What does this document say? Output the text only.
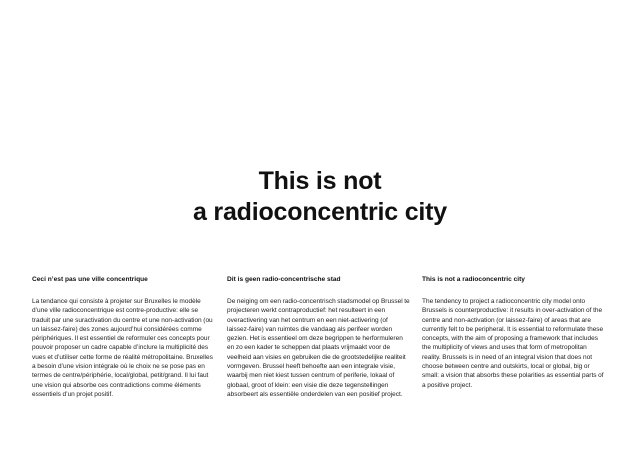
This is not
a radioconcentric city
Ceci n’est pas une ville concentrique

La tendance qui consiste à projeter sur Bruxelles le modèle d’une ville radioconcentrique est contre-productive: elle se traduit par une suractivation du centre et une non-activation (ou un laissez-faire) des zones aujourd’hui considérées comme périphériques. Il est essentiel de reformuler ces concepts pour pouvoir proposer un cadre capable d’inclure la multiplicité des vues et d’utiliser cette forme de réalité métropolitaine. Bruxelles a besoin d’une vision intégrale où le choix ne se pose pas en termes de centre/périphérie, local/global, petit/grand. Il lui faut une vision qui absorbe ces contradictions comme éléments essentiels d’un projet positif.

Dit is geen radio-concentrische stad

De neiging om een radio-concentrisch stadsmodel op Brussel te projecteren werkt contraproductief: het resulteert in een overactivering van het centrum en een niet-activering (of laissez-faire) van ruimtes die vandaag als perifeer worden gezien. Het is essentieel om deze begrippen te herformuleren en zo een kader te scheppen dat plaats vrijmaakt voor de veelheid aan visies en gebruiken die de grootstedelijke realiteit vormgeven. Brussel heeft behoefte aan een integrale visie, waarbij men niet kiest tussen centrum of periferie, lokaal of globaal, groot of klein: een visie die deze tegenstellingen absorbeert als essentiële onderdelen van een positief project.

This is not a radioconcentric city

The tendency to project a radioconcentric city model onto Brussels is counterproductive: it results in over-activation of the centre and non-activation (or laissez-faire) of areas that are currently felt to be peripheral. It is essential to reformulate these concepts, with the aim of proposing a framework that includes the multiplicity of views and uses that form of metropolitan reality. Brussels is in need of an integral vision that does not choose between centre and outskirts, local or global, big or small: a vision that absorbs these polarities as essential parts of a positive project.
